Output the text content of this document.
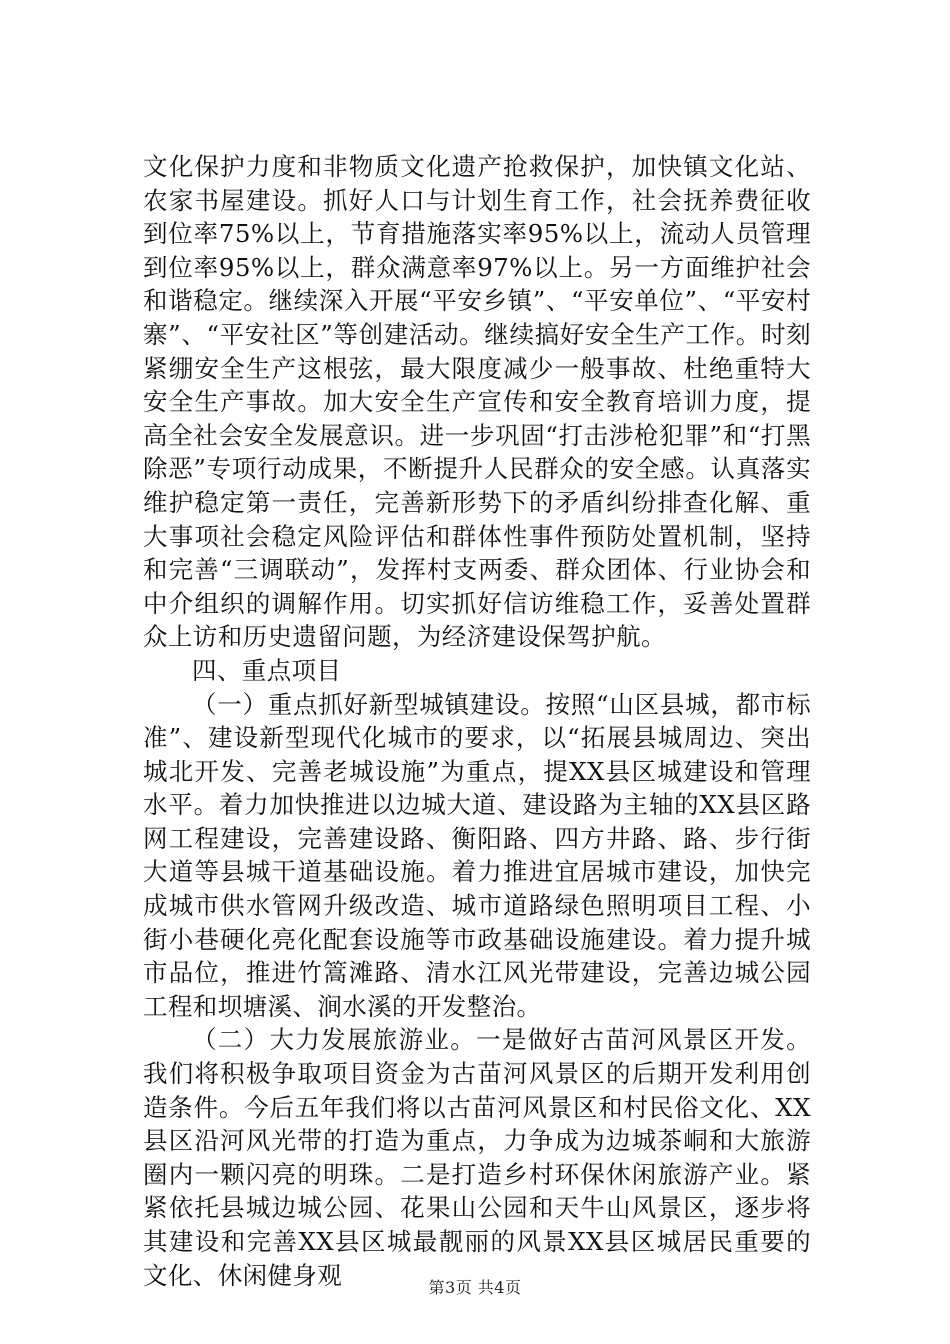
文化保护力度和非物质文化遗产抢救保护，加快镇文化站、农家书屋建设。抓好人口与计划生育工作，社会抚养费征收到位率75%以上，节育措施落实率95%以上，流动人员管理到位率95%以上，群众满意率97%以上。另一方面维护社会和谐稳定。继续深入开展“平安乡镇”、“平安单位”、“平安村寨”、“平安社区”等创建活动。继续搞好安全生产工作。时刻紧绷安全生产这根弦，最大限度减少一般事故、杜绝重特大安全生产事故。加大安全生产宣传和安全教育培训力度，提高全社会安全发展意识。进一步巩固“打击涉枪犯罪”和“打黑除恶”专项行动成果，不断提升人民群众的安全感。认真落实维护稳定第一责任，完善新形势下的矛盾纠纷排查化解、重大事项社会稳定风险评估和群体性事件预防处置机制，坚持和完善“三调联动”，发挥村支两委、群众团体、行业协会和中介组织的调解作用。切实抓好信访维稳工作，妥善处置群众上访和历史遗留问题，为经济建设保驾护航。

四、重点项目

（一）重点抓好新型城镇建设。按照“山区县城，都市标准”、建设新型现代化城市的要求，以“拓展县城周边、突出城北开发、完善老城设施”为重点，提XX县区城建设和管理水平。着力加快推进以边城大道、建设路为主轴的XX县区路网工程建设，完善建设路、衡阳路、四方井路、路、步行街大道等县城干道基础设施。着力推进宜居城市建设，加快完成城市供水管网升级改造、城市道路绿色照明项目工程、小街小巷硬化亮化配套设施等市政基础设施建设。着力提升城市品位，推进竹篙滩路、清水江风光带建设，完善边城公园工程和坝塘溪、涧水溪的开发整治。

（二）大力发展旅游业。一是做好古苗河风景区开发。我们将积极争取项目资金为古苗河风景区的后期开发利用创造条件。今后五年我们将以古苗河风景区和村民俗文化、XX县区沿河风光带的打造为重点，力争成为边城茶峒和大旅游圈内一颗闪亮的明珠。二是打造乡村环保休闲旅游产业。紧紧依托县城边城公园、花果山公园和天牛山风景区，逐步将其建设和完善XX县区城最靓丽的风景XX县区城居民重要的文化、休闲健身观	第3页 共4页
